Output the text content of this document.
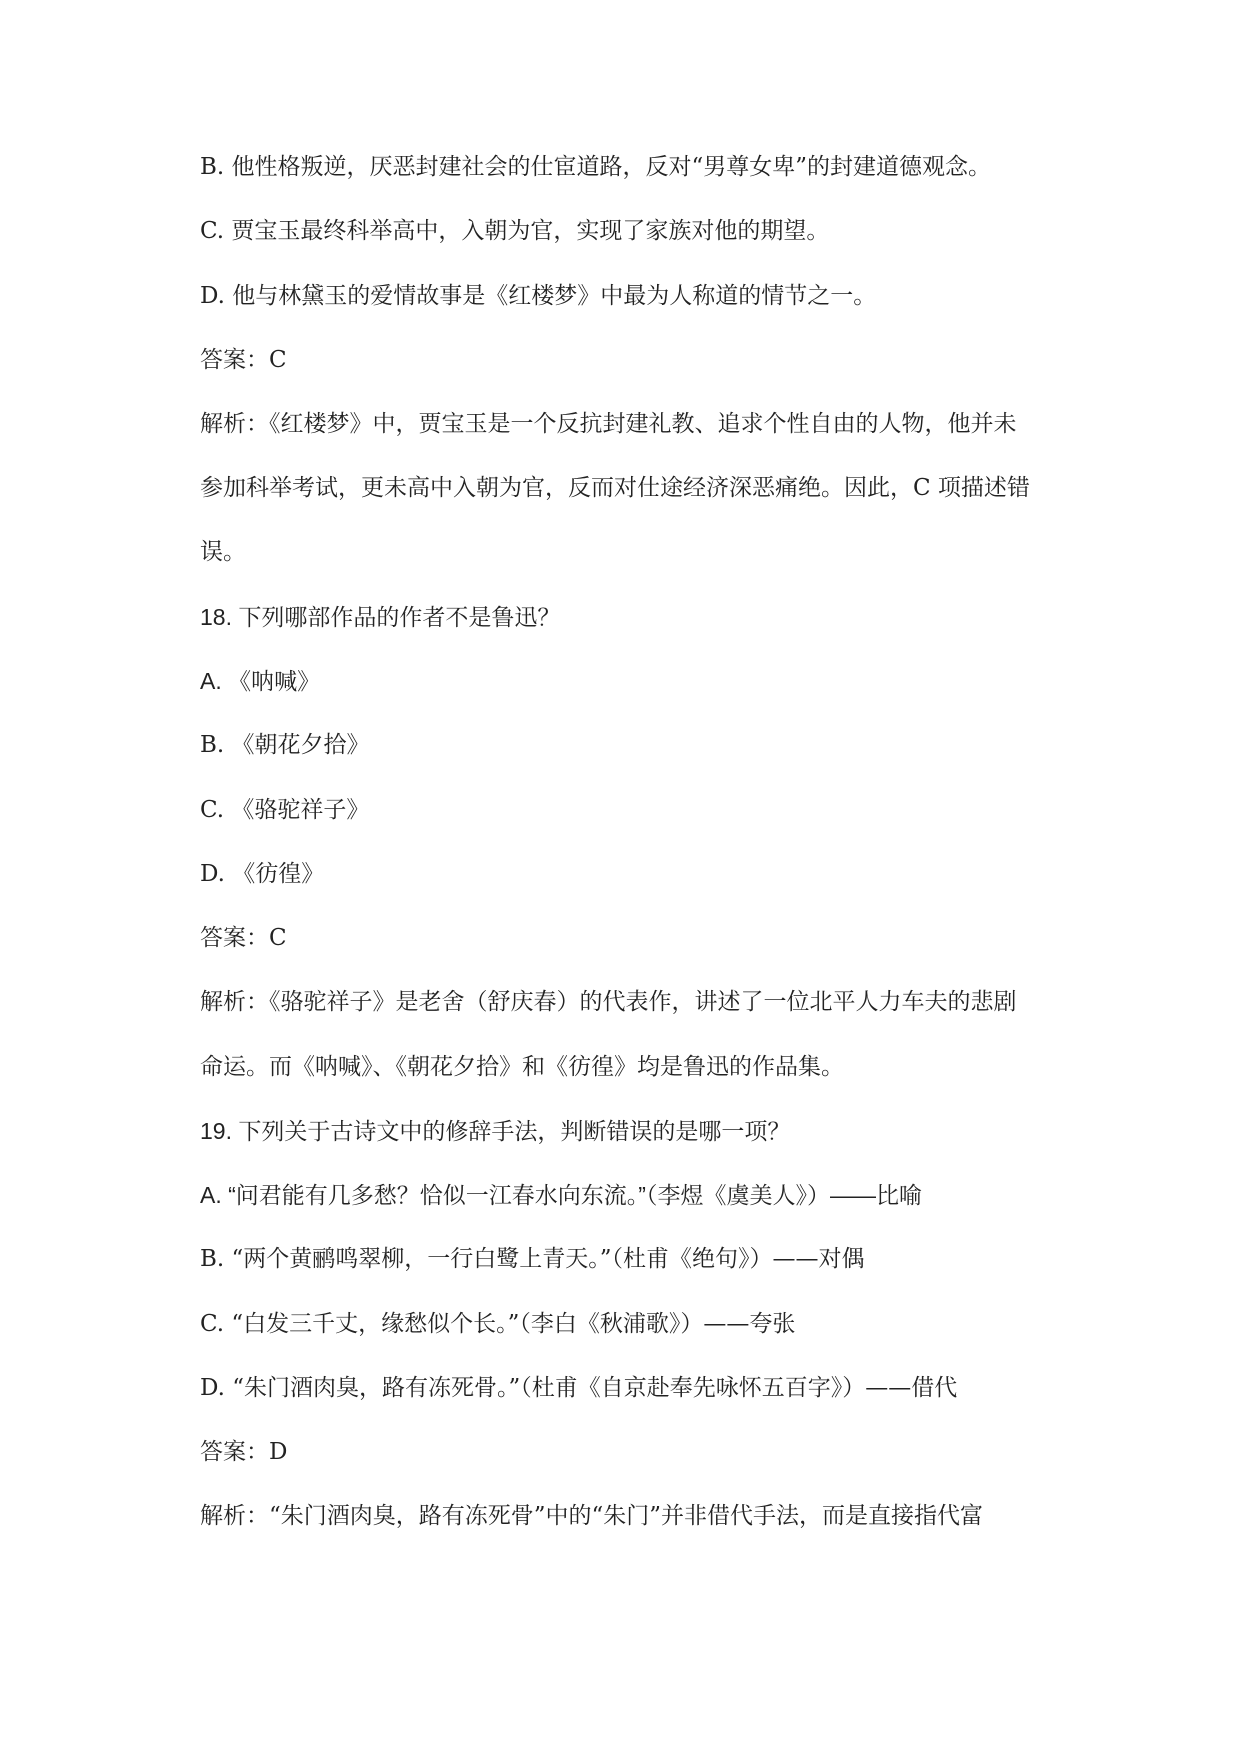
B. 他性格叛逆，厌恶封建社会的仕宦道路，反对“男尊女卑”的封建道德观念。

C. 贾宝玉最终科举高中，入朝为官，实现了家族对他的期望。

D. 他与林黛玉的爱情故事是《红楼梦》中最为人称道的情节之一。

答案：C

解析：《红楼梦》中，贾宝玉是一个反抗封建礼教、追求个性自由的人物，他并未

参加科举考试，更未高中入朝为官，反而对仕途经济深恶痛绝。因此，C 项描述错

误。

18. 下列哪部作品的作者不是鲁迅？

A. 《呐喊》

B. 《朝花夕拾》

C. 《骆驼祥子》

D. 《彷徨》

答案：C

解析：《骆驼祥子》是老舍（舒庆春）的代表作，讲述了一位北平人力车夫的悲剧

命运。而《呐喊》、《朝花夕拾》和《彷徨》均是鲁迅的作品集。

19. 下列关于古诗文中的修辞手法，判断错误的是哪一项？

A. “问君能有几多愁？恰似一江春水向东流。”（李煜《虞美人》）——比喻

B. “两个黄鹂鸣翠柳，一行白鹭上青天。”（杜甫《绝句》）——对偶

C. “白发三千丈，缘愁似个长。”（李白《秋浦歌》）——夸张

D. “朱门酒肉臭，路有冻死骨。”（杜甫《自京赴奉先咏怀五百字》）——借代

答案：D

解析：“朱门酒肉臭，路有冻死骨”中的“朱门”并非借代手法，而是直接指代富
